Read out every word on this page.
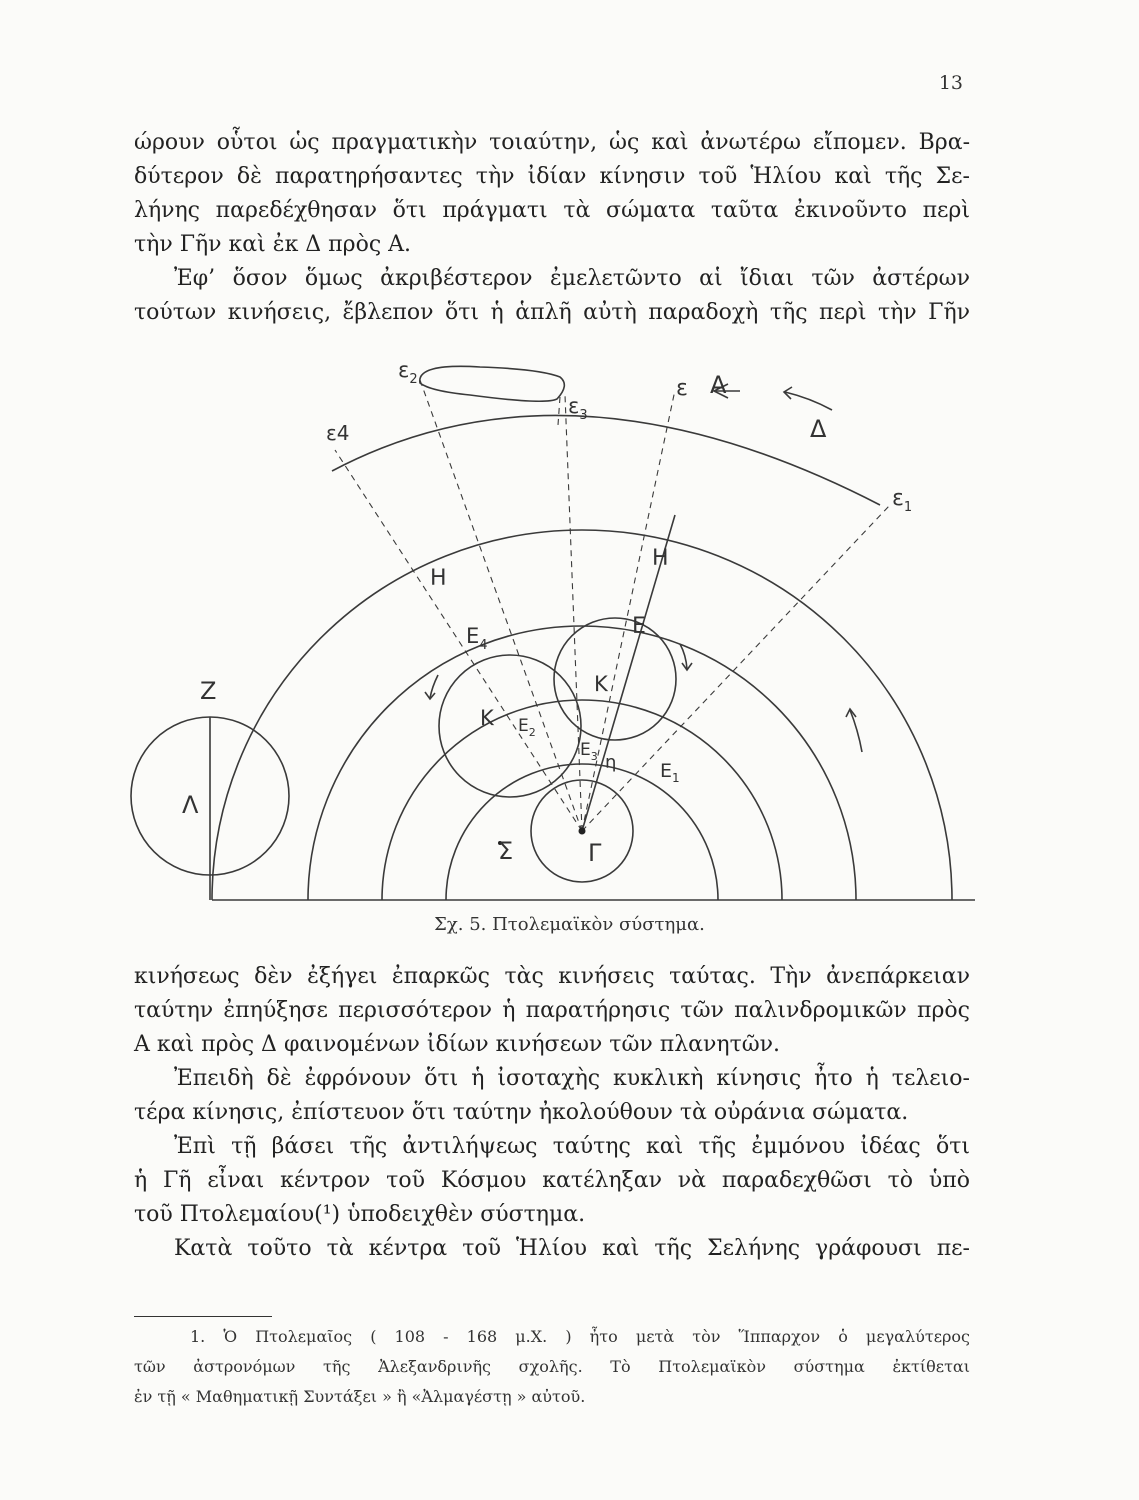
13

ώρουν οὗτοι ὡς πραγματικὴν τοιαύτην, ὡς καὶ ἀνωτέρω εἴπομεν. Βρα-
δύτερον δὲ παρατηρήσαντες τὴν ἰδίαν κίνησιν τοῦ Ἡλίου καὶ τῆς Σε-
λήνης παρεδέχθησαν ὅτι πράγματι τὰ σώματα ταῦτα ἐκινοῦντο περὶ
τὴν Γῆν καὶ ἐκ Δ πρὸς Α.
Ἐφ’ ὅσον ὅμως ἀκριβέστερον ἐμελετῶντο αἱ ἴδιαι τῶν ἀστέρων
τούτων κινήσεις, ἔβλεπον ὅτι ἡ ἁπλῆ αὐτὴ παραδοχὴ τῆς περὶ τὴν Γῆν

$\varepsilon_2$
$\varepsilon_3$
ε4
$\varepsilon_1$
ε Α
Δ
Η
Η
Ε
$E_4$
Κ
Κ
$E_2$
$E_3$ η $E_1$
Ζ
Λ
Σ	Γ
Σχ. 5. Πτολεμαϊκὸν σύστημα.

κινήσεως δὲν ἐξήγει ἐπαρκῶς τὰς κινήσεις ταύτας. Τὴν ἀνεπάρκειαν
ταύτην ἐπηύξησε περισσότερον ἡ παρατήρησις τῶν παλινδρομικῶν πρὸς
Α καὶ πρὸς Δ φαινομένων ἰδίων κινήσεων τῶν πλανητῶν.
Ἐπειδὴ δὲ ἐφρόνουν ὅτι ἡ ἰσοταχὴς κυκλικὴ κίνησις ἦτο ἡ τελειο-
τέρα κίνησις, ἐπίστευον ὅτι ταύτην ἠκολούθουν τὰ οὐράνια σώματα.
Ἐπὶ τῇ βάσει τῆς ἀντιλήψεως ταύτης καὶ τῆς ἐμμόνου ἰδέας ὅτι
ἡ Γῆ εἶναι κέντρον τοῦ Κόσμου κατέληξαν νὰ παραδεχθῶσι τὸ ὑπὸ
τοῦ Πτολεμαίου(¹) ὑποδειχθὲν σύστημα.
Κατὰ τοῦτο τὰ κέντρα τοῦ Ἡλίου καὶ τῆς Σελήνης γράφουσι πε-

1. Ὁ Πτολεμαῖος ( 108 - 168 μ.Χ. ) ἦτο μετὰ τὸν Ἵππαρχον ὁ μεγαλύτερος
τῶν ἀστρονόμων τῆς Ἀλεξανδρινῆς σχολῆς. Τὸ Πτολεμαϊκὸν σύστημα ἐκτίθεται
ἐν τῇ « Μαθηματικῇ Συντάξει » ἢ «Ἀλμαγέστῃ » αὐτοῦ.
